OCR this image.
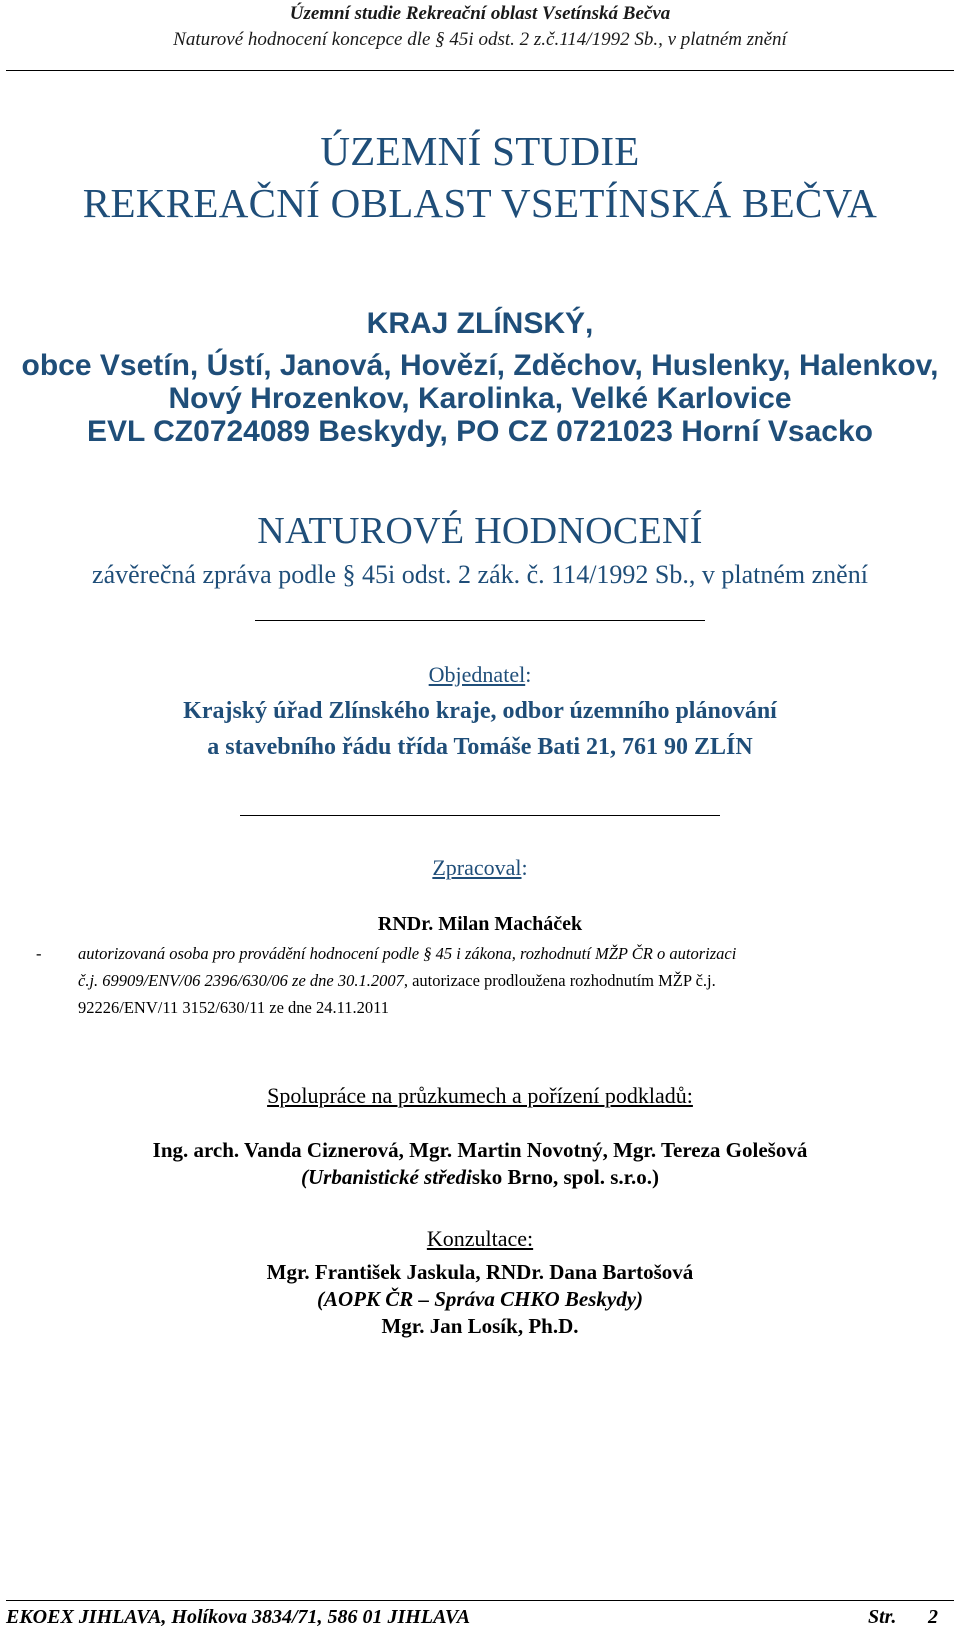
Územní studie Rekreační oblast Vsetínská Bečva
Naturové hodnocení koncepce dle § 45i odst. 2 z.č.114/1992 Sb., v platném znění
ÚZEMNÍ STUDIE
REKREAČNÍ OBLAST VSETÍNSKÁ BEČVA
KRAJ ZLÍNSKÝ,
obce Vsetín, Ústí, Janová, Hovězí, Zděchov, Huslenky, Halenkov,
Nový Hrozenkov, Karolinka, Velké Karlovice
EVL CZ0724089 Beskydy, PO CZ 0721023 Horní Vsacko
NATUROVÉ HODNOCENÍ
závěrečná zpráva podle § 45i odst. 2 zák. č. 114/1992 Sb., v platném znění
Objednatel:
Krajský úřad Zlínského kraje, odbor územního plánování
a stavebního řádu třída Tomáše Bati 21, 761 90 ZLÍN
Zpracoval:
RNDr. Milan Macháček
- autorizovaná osoba pro provádění hodnocení podle § 45 i zákona, rozhodnutí MŽP ČR o autorizaci
č.j. 69909/ENV/06 2396/630/06 ze dne 30.1.2007, autorizace prodloužena rozhodnutím MŽP č.j.
92226/ENV/11 3152/630/11 ze dne 24.11.2011
Spolupráce na průzkumech a pořízení podkladů:
Ing. arch. Vanda Ciznerová, Mgr. Martin Novotný, Mgr. Tereza Golešová
(Urbanistické středisko Brno, spol. s.r.o.)
Konzultace:
Mgr. František Jaskula, RNDr. Dana Bartošová
(AOPK ČR – Správa CHKO Beskydy)
Mgr. Jan Losík, Ph.D.
EKOEX JIHLAVA, Holíkova 3834/71, 586 01 JIHLAVA	Str. 2
